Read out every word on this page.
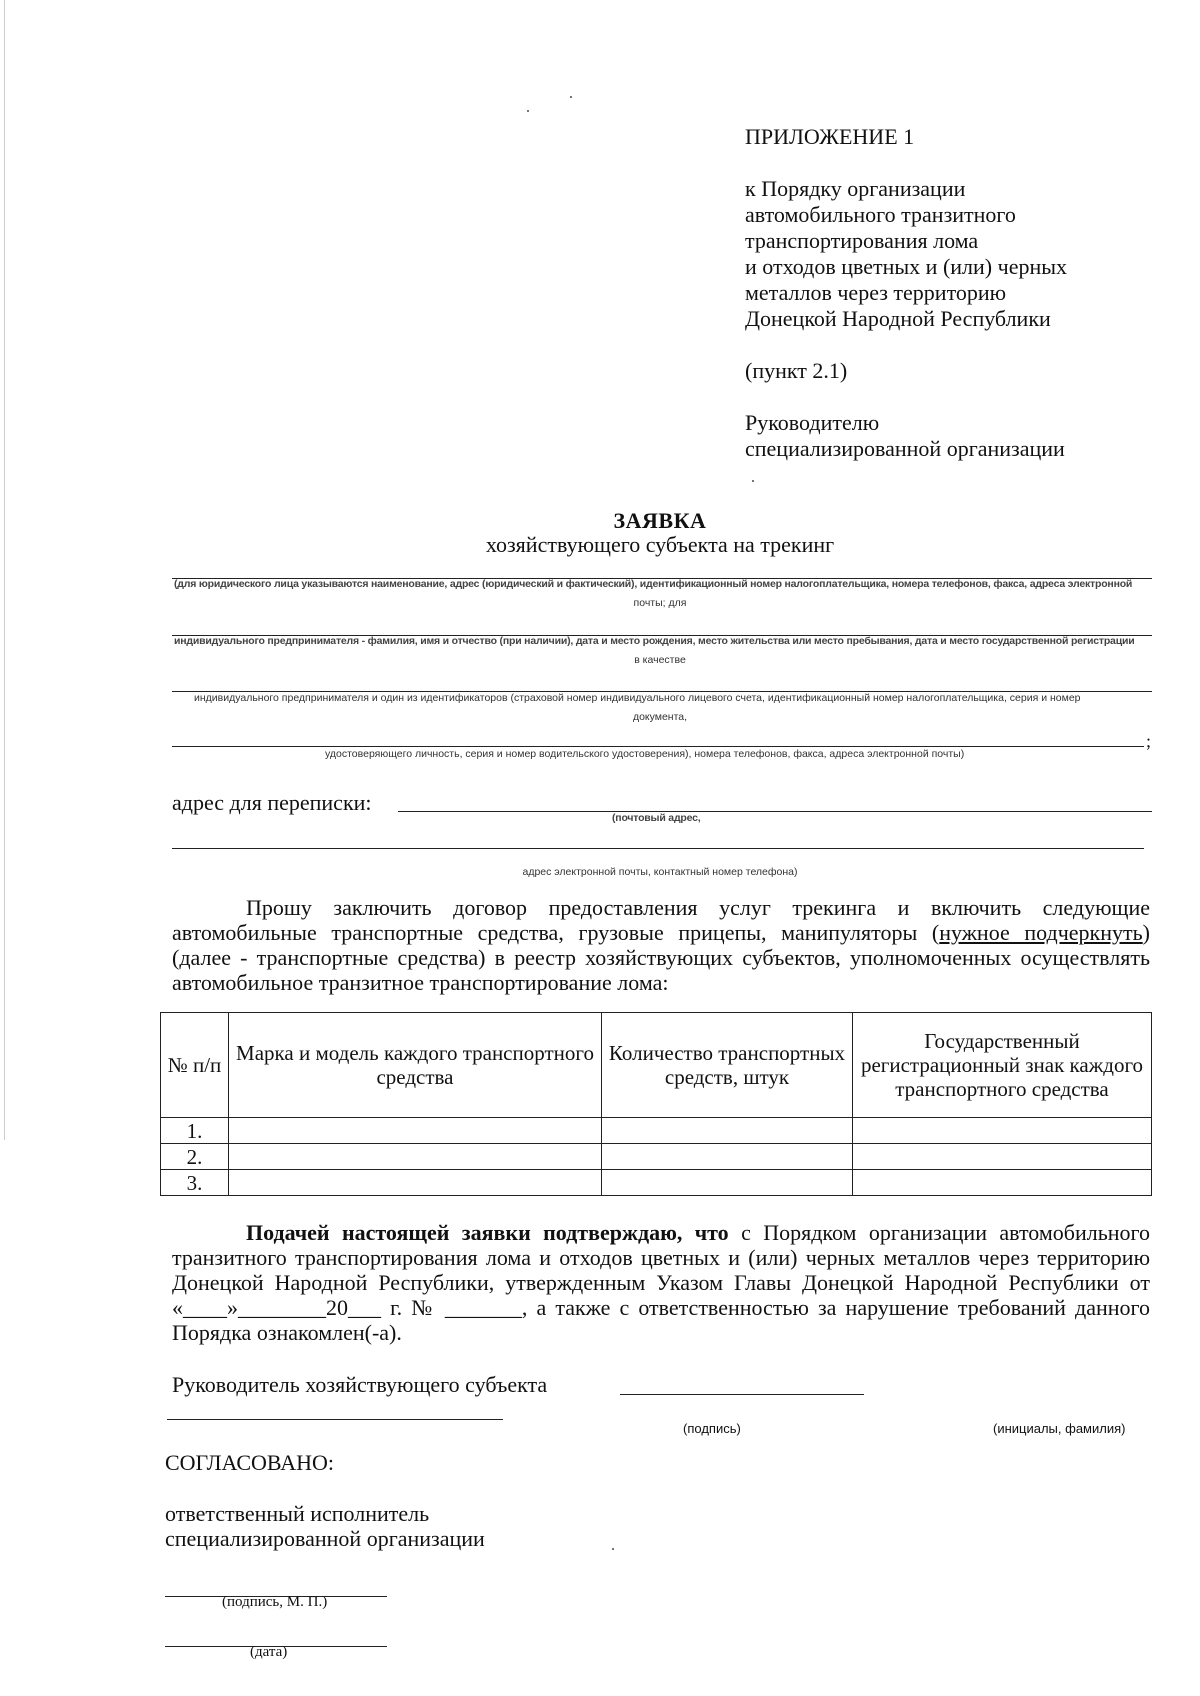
ПРИЛОЖЕНИЕ 1

к Порядку организации

автомобильного транзитного

транспортирования лома

и отходов цветных и (или) черных

металлов через территорию

Донецкой Народной Республики

(пункт 2.1)

Руководителю

специализированной организации

ЗАЯВКА
хозяйствующего субъекта на трекинг
(для юридического лица указываются наименование, адрес (юридический и фактический), идентификационный номер налогоплательщика, номера телефонов, факса, адреса электронной
почты; для
индивидуального предпринимателя - фамилия, имя и отчество (при наличии), дата и место рождения, место жительства или место пребывания, дата и место государственной регистрации
в качестве
индивидуального предпринимателя и один из идентификаторов (страховой номер индивидуального лицевого счета, идентификационный номер налогоплательщика, серия и номер
документа,
;
удостоверяющего личность, серия и номер водительского удостоверения), номера телефонов, факса, адреса электронной почты)
адрес для переписки:
(почтовый адрес,
адрес электронной почты, контактный номер телефона)
Прошу заключить договор предоставления услуг трекинга и включить следующие автомобильные транспортные средства, грузовые прицепы, манипуляторы (нужное подчеркнуть) (далее - транспортные средства) в реестр хозяйствующих субъектов, уполномоченных осуществлять автомобильное транзитное транспортирование лома:
№ п/п	Марка и модель каждого транспортного средства	Количество транспортных средств, штук	Государственный регистрационный знак каждого транспортного средства
1.			
2.			
3.			
Подачей настоящей заявки подтверждаю, что с Порядком организации автомобильного транзитного транспортирования лома и отходов цветных и (или) черных металлов через территорию Донецкой Народной Республики, утвержденным Указом Главы Донецкой Народной Республики от «____»________20___ г. № _______, а также с ответственностью за нарушение требований данного Порядка ознакомлен(-а).
Руководитель хозяйствующего субъекта
(подпись)	(инициалы, фамилия)
СОГЛАСОВАНО:
ответственный исполнитель
специализированной организации
(подпись, М. П.)
(дата)
